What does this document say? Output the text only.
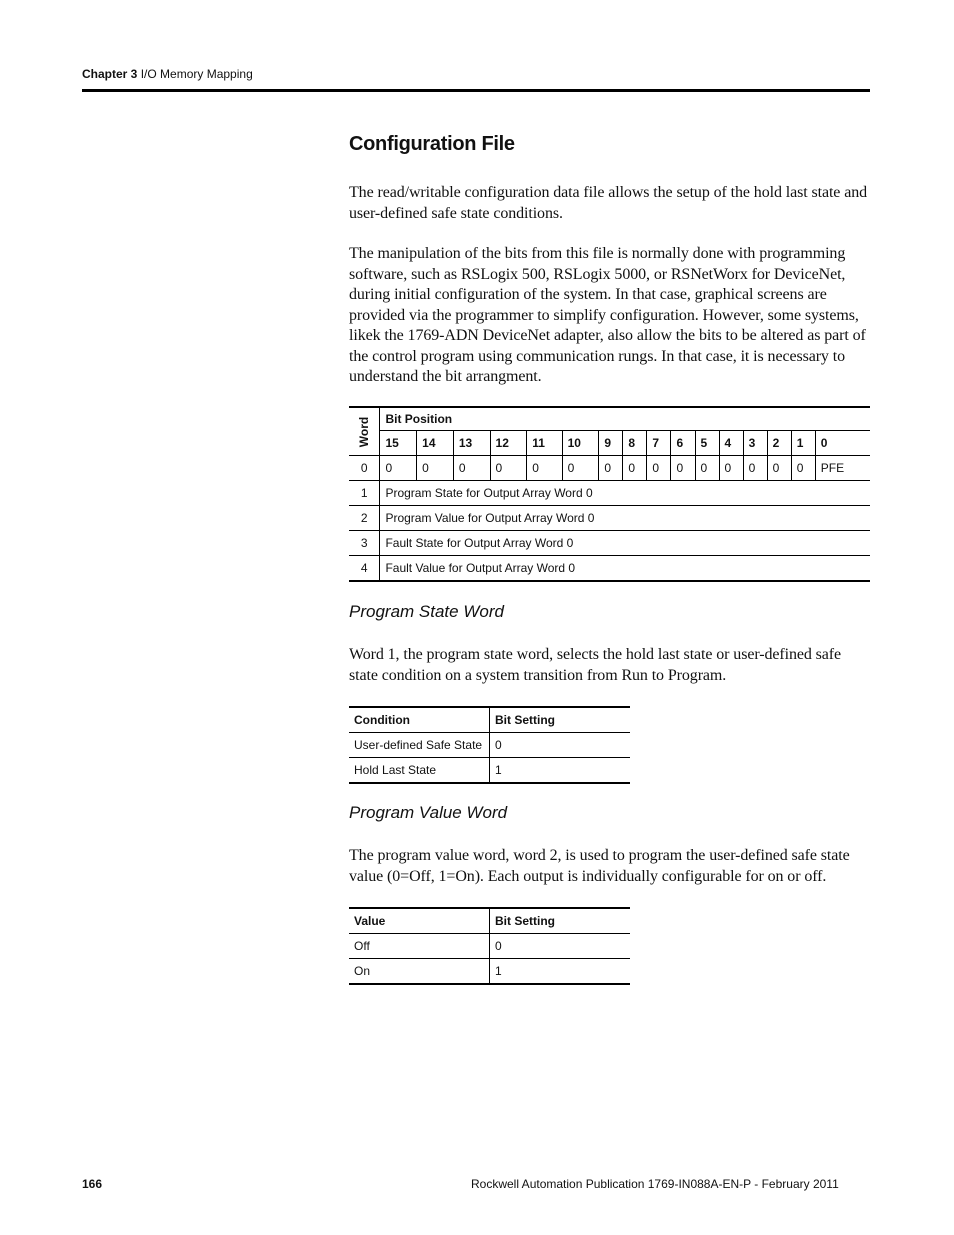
Chapter 3 I/O Memory Mapping
Configuration File

The read/writable configuration data file allows the setup of the hold last state and user-defined safe state conditions.

The manipulation of the bits from this file is normally done with programming software, such as RSLogix 500, RSLogix 5000, or RSNetWorx for DeviceNet, during initial configuration of the system. In that case, graphical screens are provided via the programmer to simplify configuration. However, some systems, likek the 1769-ADN DeviceNet adapter, also allow the bits to be altered as part of the control program using communication rungs. In that case, it is necessary to understand the bit arrangment.

Word	Bit Position															
	15	14	13	12	11	10	9	8	7	6	5	4	3	2	1	0
0	0	0	0	0	0	0	0	0	0	0	0	0	0	0	0	PFE
1	Program State for Output Array Word 0															
2	Program Value for Output Array Word 0															
3	Fault State for Output Array Word 0															
4	Fault Value for Output Array Word 0															
Program State Word

Word 1, the program state word, selects the hold last state or user-defined safe state condition on a system transition from Run to Program.

Condition	Bit Setting
User-defined Safe State	0
Hold Last State	1
Program Value Word

The program value word, word 2, is used to program the user-defined safe state value (0=Off, 1=On). Each output is individually configurable for on or off.

Value	Bit Setting
Off	0
On	1
166	Rockwell Automation Publication 1769-IN088A-EN-P - February 2011
